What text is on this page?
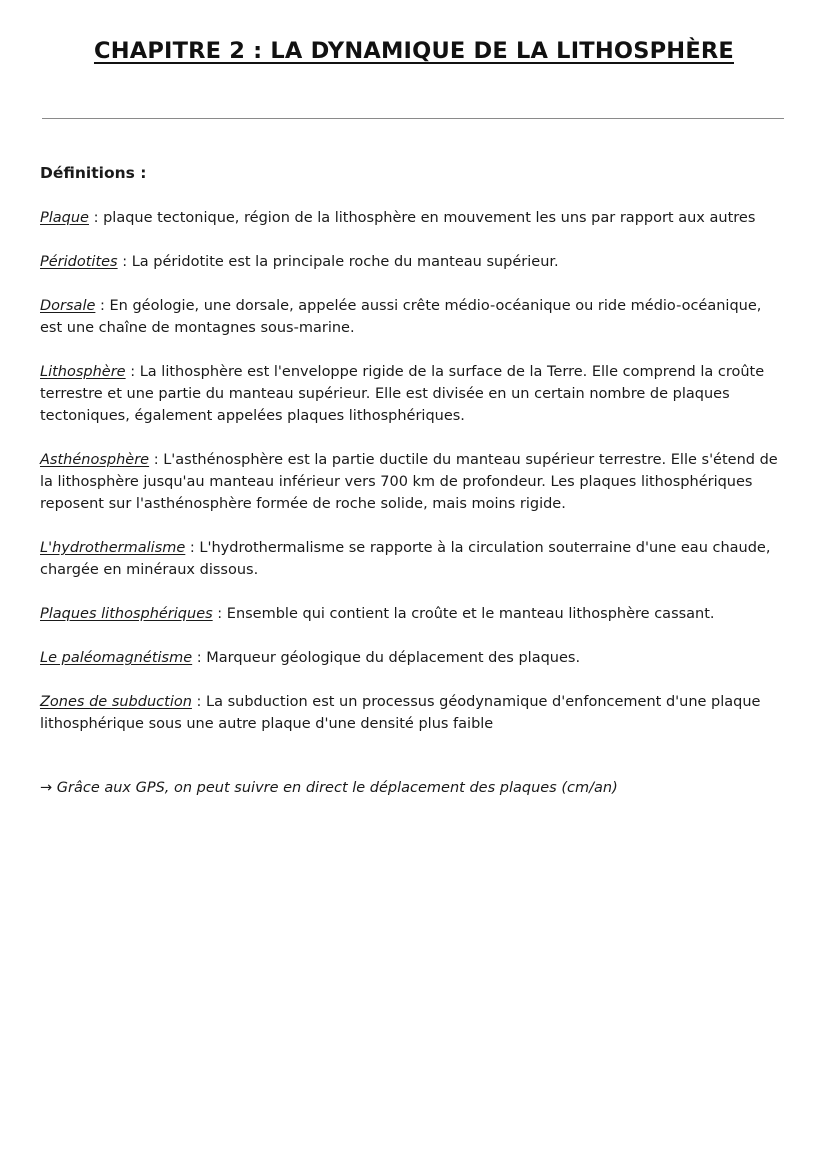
CHAPITRE 2 : LA DYNAMIQUE DE LA LITHOSPHÈRE
Définitions :

Plaque : plaque tectonique, région de la lithosphère en mouvement les uns par rapport aux autres

Péridotites : La péridotite est la principale roche du manteau supérieur.

Dorsale : En géologie, une dorsale, appelée aussi crête médio-océanique ou ride médio-océanique, est une chaîne de montagnes sous-marine.

Lithosphère : La lithosphère est l'enveloppe rigide de la surface de la Terre. Elle comprend la croûte terrestre et une partie du manteau supérieur. Elle est divisée en un certain nombre de plaques tectoniques, également appelées plaques lithosphériques.

Asthénosphère : L'asthénosphère est la partie ductile du manteau supérieur terrestre. Elle s'étend de la lithosphère jusqu'au manteau inférieur vers 700 km de profondeur. Les plaques lithosphériques reposent sur l'asthénosphère formée de roche solide, mais moins rigide.

L'hydrothermalisme : L'hydrothermalisme se rapporte à la circulation souterraine d'une eau chaude, chargée en minéraux dissous.

Plaques lithosphériques : Ensemble qui contient la croûte et le manteau lithosphère cassant.

Le paléomagnétisme : Marqueur géologique du déplacement des plaques.

Zones de subduction : La subduction est un processus géodynamique d'enfoncement d'une plaque lithosphérique sous une autre plaque d'une densité plus faible

→ Grâce aux GPS, on peut suivre en direct le déplacement des plaques (cm/an)
